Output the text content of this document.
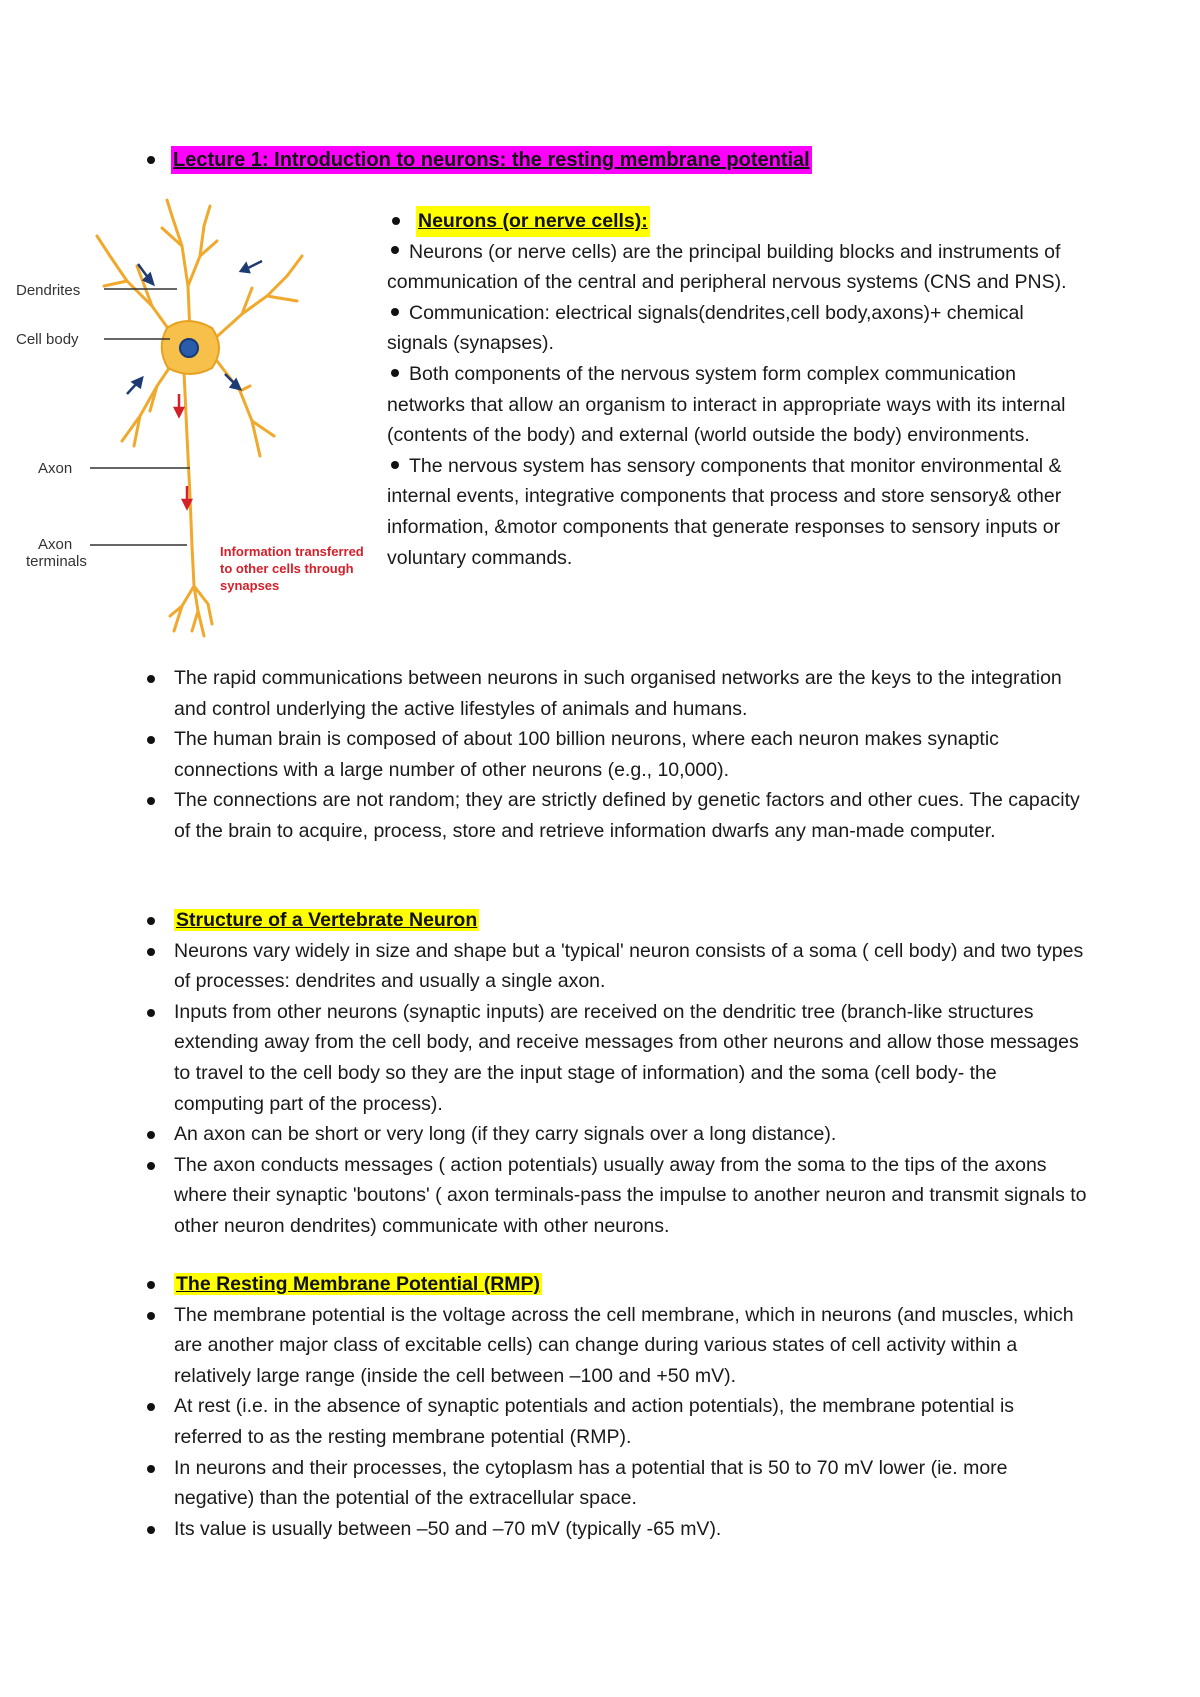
Lecture 1: Introduction to neurons: the resting membrane potential
Dendrites
Cell body
Axon
Axon
terminals
Information transferred
to other cells through
synapses
Neurons (or nerve cells):

Neurons (or nerve cells) are the principal building blocks and instruments of communication of the central and peripheral nervous systems (CNS and PNS).

Communication: electrical signals(dendrites,cell body,axons)+ chemical signals (synapses).

Both components of the nervous system form complex communication networks that allow an organism to interact in appropriate ways with its internal (contents of the body) and external (world outside the body) environments.

The nervous system has sensory components that monitor environmental & internal events, integrative components that process and store sensory& other information, &motor components that generate responses to sensory inputs or voluntary commands.

The rapid communications between neurons in such organised networks are the keys to the integration and control underlying the active lifestyles of animals and humans.
The human brain is composed of about 100 billion neurons, where each neuron makes synaptic connections with a large number of other neurons (e.g., 10,000).
The connections are not random; they are strictly defined by genetic factors and other cues. The capacity of the brain to acquire, process, store and retrieve information dwarfs any man-made computer.
Structure of a Vertebrate Neuron
Neurons vary widely in size and shape but a 'typical' neuron consists of a soma ( cell body) and two types of processes: dendrites and usually a single axon.
Inputs from other neurons (synaptic inputs) are received on the dendritic tree (branch-like structures extending away from the cell body, and receive messages from other neurons and allow those messages to travel to the cell body so they are the input stage of information) and the soma (cell body- the computing part of the process).
An axon can be short or very long (if they carry signals over a long distance).
The axon conducts messages ( action potentials) usually away from the soma to the tips of the axons where their synaptic 'boutons' ( axon terminals-pass the impulse to another neuron and transmit signals to other neuron dendrites) communicate with other neurons.
The Resting Membrane Potential (RMP)
The membrane potential is the voltage across the cell membrane, which in neurons (and muscles, which are another major class of excitable cells) can change during various states of cell activity within a relatively large range (inside the cell between –100 and +50 mV).
At rest (i.e. in the absence of synaptic potentials and action potentials), the membrane potential is referred to as the resting membrane potential (RMP).
In neurons and their processes, the cytoplasm has a potential that is 50 to 70 mV lower (ie. more negative) than the potential of the extracellular space.
Its value is usually between –50 and –70 mV (typically -65 mV).
